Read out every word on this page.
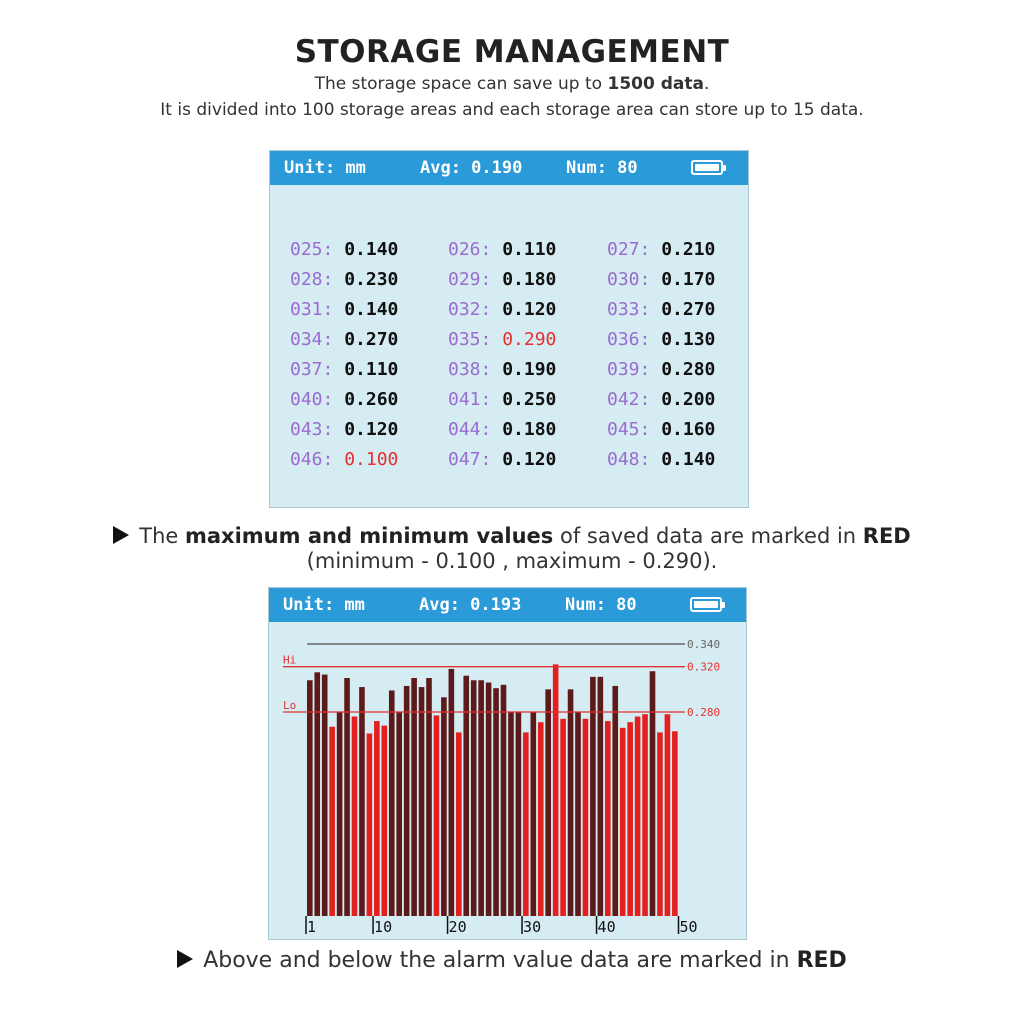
STORAGE MANAGEMENT
The storage space can save up to 1500 data.
It is divided into 100 storage areas and each storage area can store up to 15 data.
Unit: mm	Avg: 0.190	Num: 80
025: 0.140	026: 0.110	027: 0.210
028: 0.230	029: 0.180	030: 0.170
031: 0.140	032: 0.120	033: 0.270
034: 0.270	035: 0.290	036: 0.130
037: 0.110	038: 0.190	039: 0.280
040: 0.260	041: 0.250	042: 0.200
043: 0.120	044: 0.180	045: 0.160
046: 0.100	047: 0.120	048: 0.140
The maximum and minimum values of saved data are marked in RED
(minimum - 0.100 , maximum - 0.290).
Unit: mm	Avg: 0.193	Num: 80
0.340
0.320
Hi
0.280
Lo
1	10	20	30	40	50
Above and below the alarm value data are marked in RED
